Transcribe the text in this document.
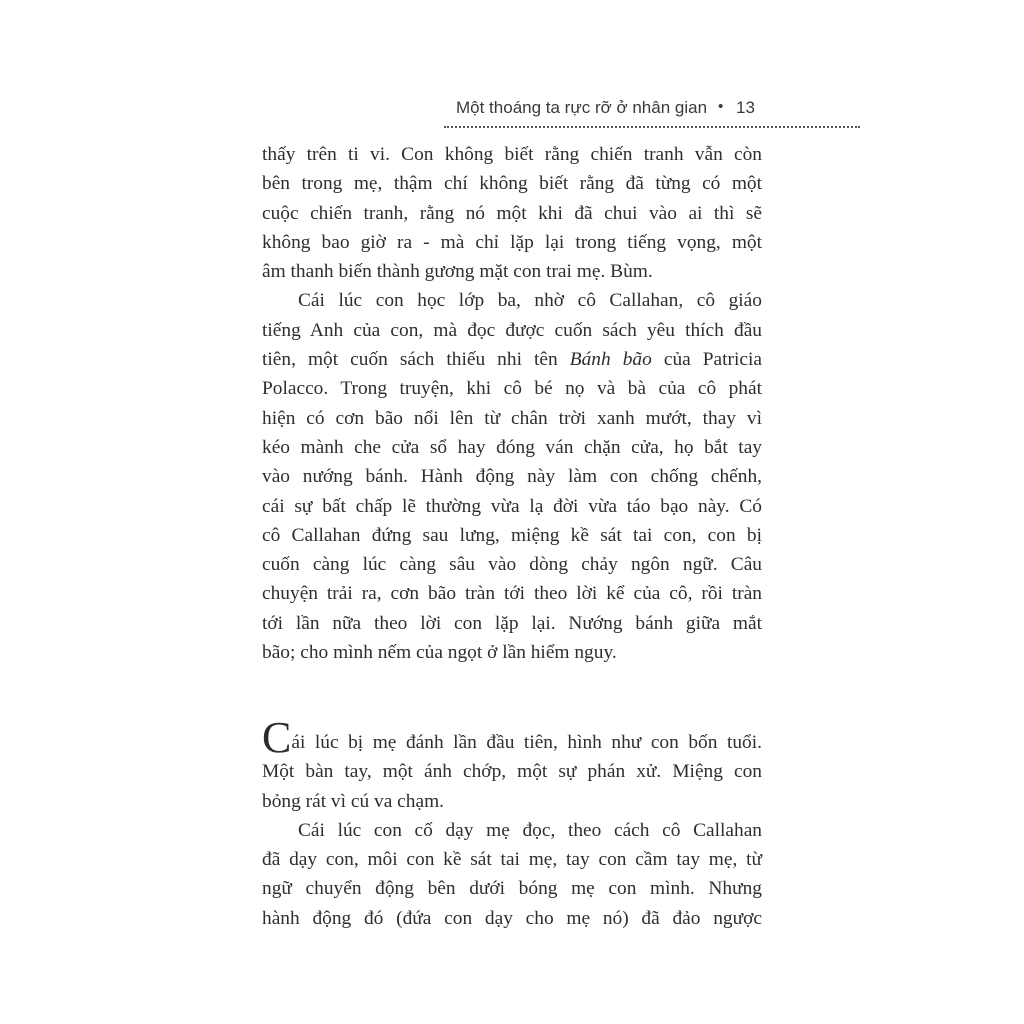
Một thoáng ta rực rỡ ở nhân gian • 13

thấy trên ti vi. Con không biết rằng chiến tranh vẫn còn
bên trong mẹ, thậm chí không biết rằng đã từng có một
cuộc chiến tranh, rằng nó một khi đã chui vào ai thì sẽ
không bao giờ ra - mà chỉ lặp lại trong tiếng vọng, một
âm thanh biến thành gương mặt con trai mẹ. Bùm.

Cái lúc con học lớp ba, nhờ cô Callahan, cô giáo
tiếng Anh của con, mà đọc được cuốn sách yêu thích đầu
tiên, một cuốn sách thiếu nhi tên Bánh bão của Patricia
Polacco. Trong truyện, khi cô bé nọ và bà của cô phát
hiện có cơn bão nổi lên từ chân trời xanh mướt, thay vì
kéo mành che cửa sổ hay đóng ván chặn cửa, họ bắt tay
vào nướng bánh. Hành động này làm con chống chếnh,
cái sự bất chấp lẽ thường vừa lạ đời vừa táo bạo này. Có
cô Callahan đứng sau lưng, miệng kề sát tai con, con bị
cuốn càng lúc càng sâu vào dòng chảy ngôn ngữ. Câu
chuyện trải ra, cơn bão tràn tới theo lời kể của cô, rồi tràn
tới lần nữa theo lời con lặp lại. Nướng bánh giữa mắt
bão; cho mình nếm của ngọt ở lần hiểm nguy.

Cái lúc bị mẹ đánh lần đầu tiên, hình như con bốn tuổi.
Một bàn tay, một ánh chớp, một sự phán xử. Miệng con
bỏng rát vì cú va chạm.

Cái lúc con cố dạy mẹ đọc, theo cách cô Callahan
đã dạy con, môi con kề sát tai mẹ, tay con cầm tay mẹ, từ
ngữ chuyển động bên dưới bóng mẹ con mình. Nhưng
hành động đó (đứa con dạy cho mẹ nó) đã đảo ngược
